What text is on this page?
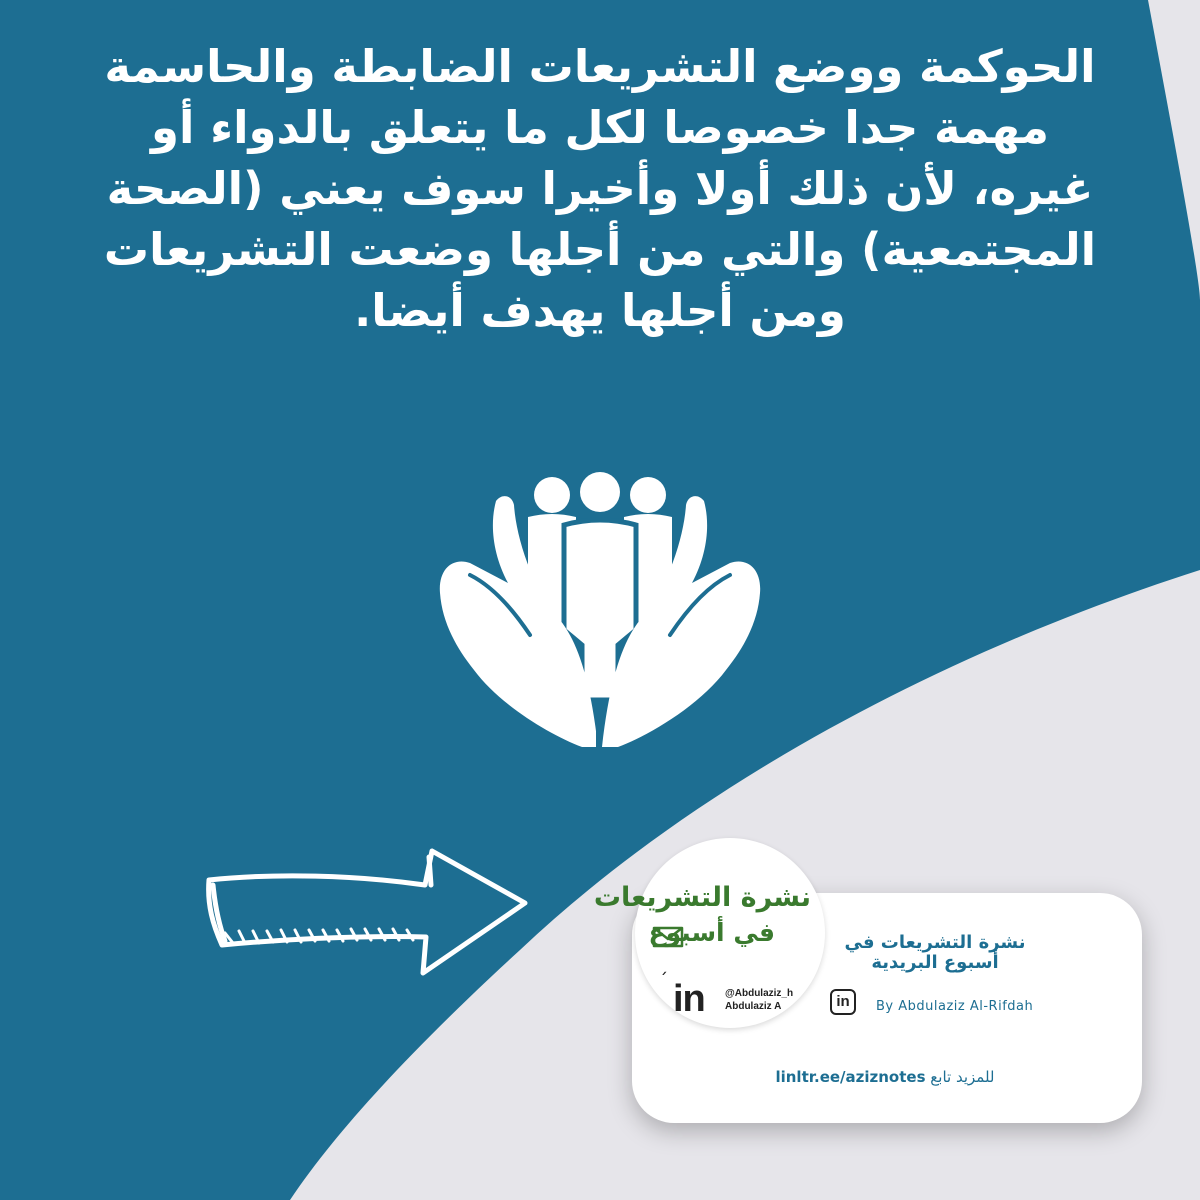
الحوكمة ووضع التشريعات الضابطة والحاسمة
مهمة جدا خصوصا لكل ما يتعلق بالدواء أو
غيره، لأن ذلك أولا وأخيرا سوف يعني (الصحة
المجتمعية) والتي من أجلها وضعت التشريعات
ومن أجلها يهدف أيضا.
نشرة التشريعات
في أسبوع
´ in @Abdulaziz_h
Abdulaziz A
نشرة التشريعات في
أسبوع البريدية
in	By Abdulaziz Al-Rifdah
للمزيد تابع linltr.ee/aziznotes
